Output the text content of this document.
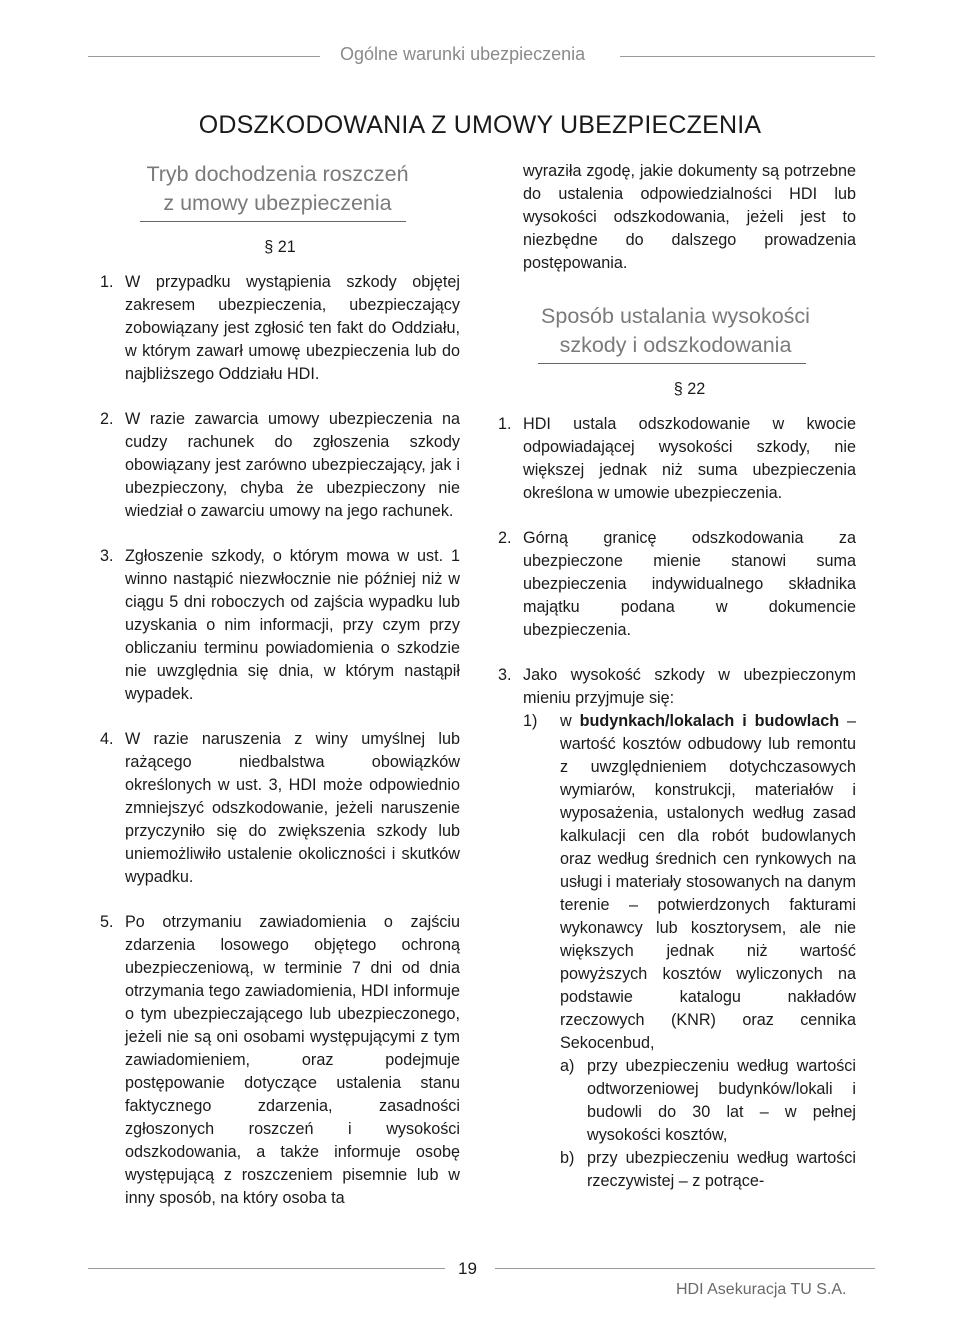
Ogólne warunki ubezpieczenia
ODSZKODOWANIA Z UMOWY UBEZPIECZENIA
Tryb dochodzenia roszczeń
z umowy ubezpieczenia
§ 21
1. W przypadku wystąpienia szkody objętej zakresem ubezpieczenia, ubezpieczający zobowiązany jest zgłosić ten fakt do Oddziału, w którym zawarł umowę ubezpieczenia lub do najbliższego Oddziału HDI.
2. W razie zawarcia umowy ubezpieczenia na cudzy rachunek do zgłoszenia szkody obowiązany jest zarówno ubezpieczający, jak i ubezpieczony, chyba że ubezpieczony nie wiedział o zawarciu umowy na jego rachunek.
3. Zgłoszenie szkody, o którym mowa w ust. 1 winno nastąpić niezwłocznie nie później niż w ciągu 5 dni roboczych od zajścia wypadku lub uzyskania o nim informacji, przy czym przy obliczaniu terminu powiadomienia o szkodzie nie uwzględnia się dnia, w którym nastąpił wypadek.
4. W razie naruszenia z winy umyślnej lub rażącego niedbalstwa obowiązków określonych w ust. 3, HDI może odpowiednio zmniejszyć odszkodowanie, jeżeli naruszenie przyczyniło się do zwiększenia szkody lub uniemożliwiło ustalenie okoliczności i skutków wypadku.
5. Po otrzymaniu zawiadomienia o zajściu zdarzenia losowego objętego ochroną ubezpieczeniową, w terminie 7 dni od dnia otrzymania tego zawiadomienia, HDI informuje o tym ubezpieczającego lub ubezpieczonego, jeżeli nie są oni osobami występującymi z tym zawiadomieniem, oraz podejmuje postępowanie dotyczące ustalenia stanu faktycznego zdarzenia, zasadności zgłoszonych roszczeń i wysokości odszkodowania, a także informuje osobę występującą z roszczeniem pisemnie lub w inny sposób, na który osoba ta
wyraziła zgodę, jakie dokumenty są potrzebne do ustalenia odpowiedzialności HDI lub wysokości odszkodowania, jeżeli jest to niezbędne do dalszego prowadzenia postępowania.
Sposób ustalania wysokości
szkody i odszkodowania
§ 22
1. HDI ustala odszkodowanie w kwocie odpowiadającej wysokości szkody, nie większej jednak niż suma ubezpieczenia określona w umowie ubezpieczenia.
2. Górną granicę odszkodowania za ubezpieczone mienie stanowi suma ubezpieczenia indywidualnego składnika majątku podana w dokumencie ubezpieczenia.
3. Jako wysokość szkody w ubezpieczonym mieniu przyjmuje się:
1)	w budynkach/lokalach i budowlach – wartość kosztów odbudowy lub remontu z uwzględnieniem dotychczasowych wymiarów, konstrukcji, materiałów i wyposażenia, ustalonych według zasad kalkulacji cen dla robót budowlanych oraz według średnich cen rynkowych na usługi i materiały stosowanych na danym terenie – potwierdzonych fakturami wykonawcy lub kosztorysem, ale nie większych jednak niż wartość powyższych kosztów wyliczonych na podstawie katalogu nakładów rzeczowych (KNR) oraz cennika Sekocenbud,
a) przy ubezpieczeniu według wartości odtworzeniowej budynków/lokali i budowli do 30 lat – w pełnej wysokości kosztów,
b) przy ubezpieczeniu według wartości rzeczywistej – z potrące-
19
HDI Asekuracja TU S.A.
